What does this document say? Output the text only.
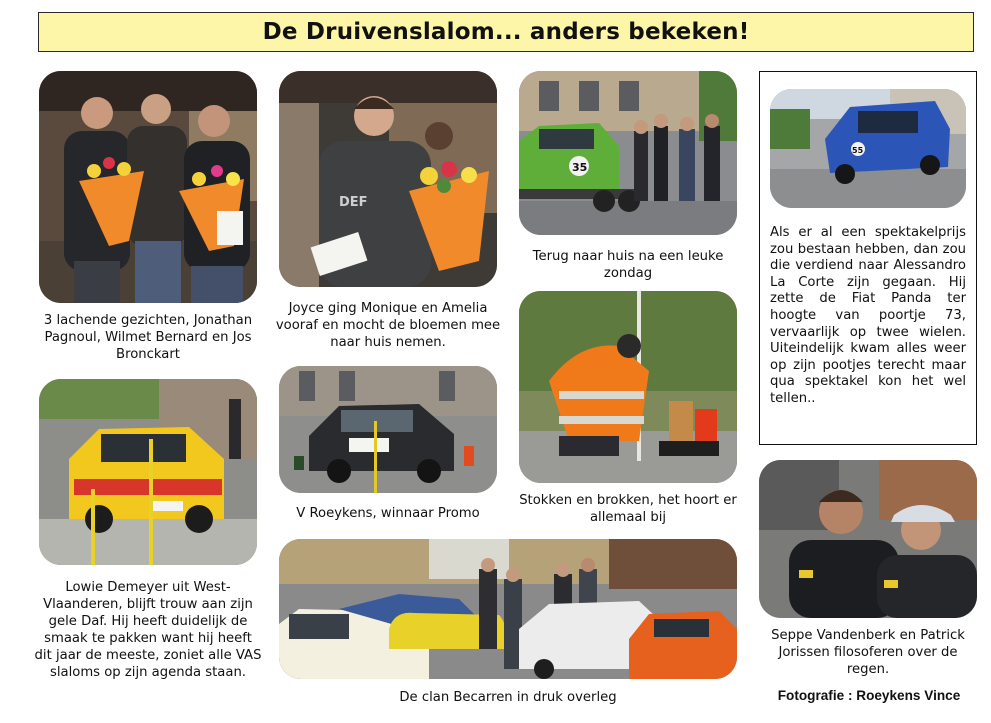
De Druivenslalom... anders bekeken!
3 lachende gezichten, Jonathan Pagnoul, Wilmet Bernard en Jos Bronckart
DEF
Joyce ging Monique en Amelia vooraf en mocht de bloemen mee naar huis nemen.
35
Terug naar huis na een leuke zondag
Lowie Demeyer uit West-Vlaanderen, blijft trouw aan zijn gele Daf. Hij heeft duidelijk de smaak te pakken want hij heeft dit jaar de meeste, zoniet alle VAS slaloms op zijn agenda staan.
V Roeykens, winnaar Promo
Stokken en brokken, het hoort er allemaal bij
De clan Becarren in druk overleg
55
Als er al een spektakelprijs zou bestaan hebben, dan zou die verdiend naar Alessandro La Corte zijn gegaan. Hij zette de Fiat Panda ter hoogte van poortje 73, vervaarlijk op twee wielen. Uiteindelijk kwam alles weer op zijn pootjes terecht maar qua spektakel kon het wel tellen..
Seppe Vandenberk en Patrick Jorissen filosoferen over de regen.
Fotografie : Roeykens Vince
